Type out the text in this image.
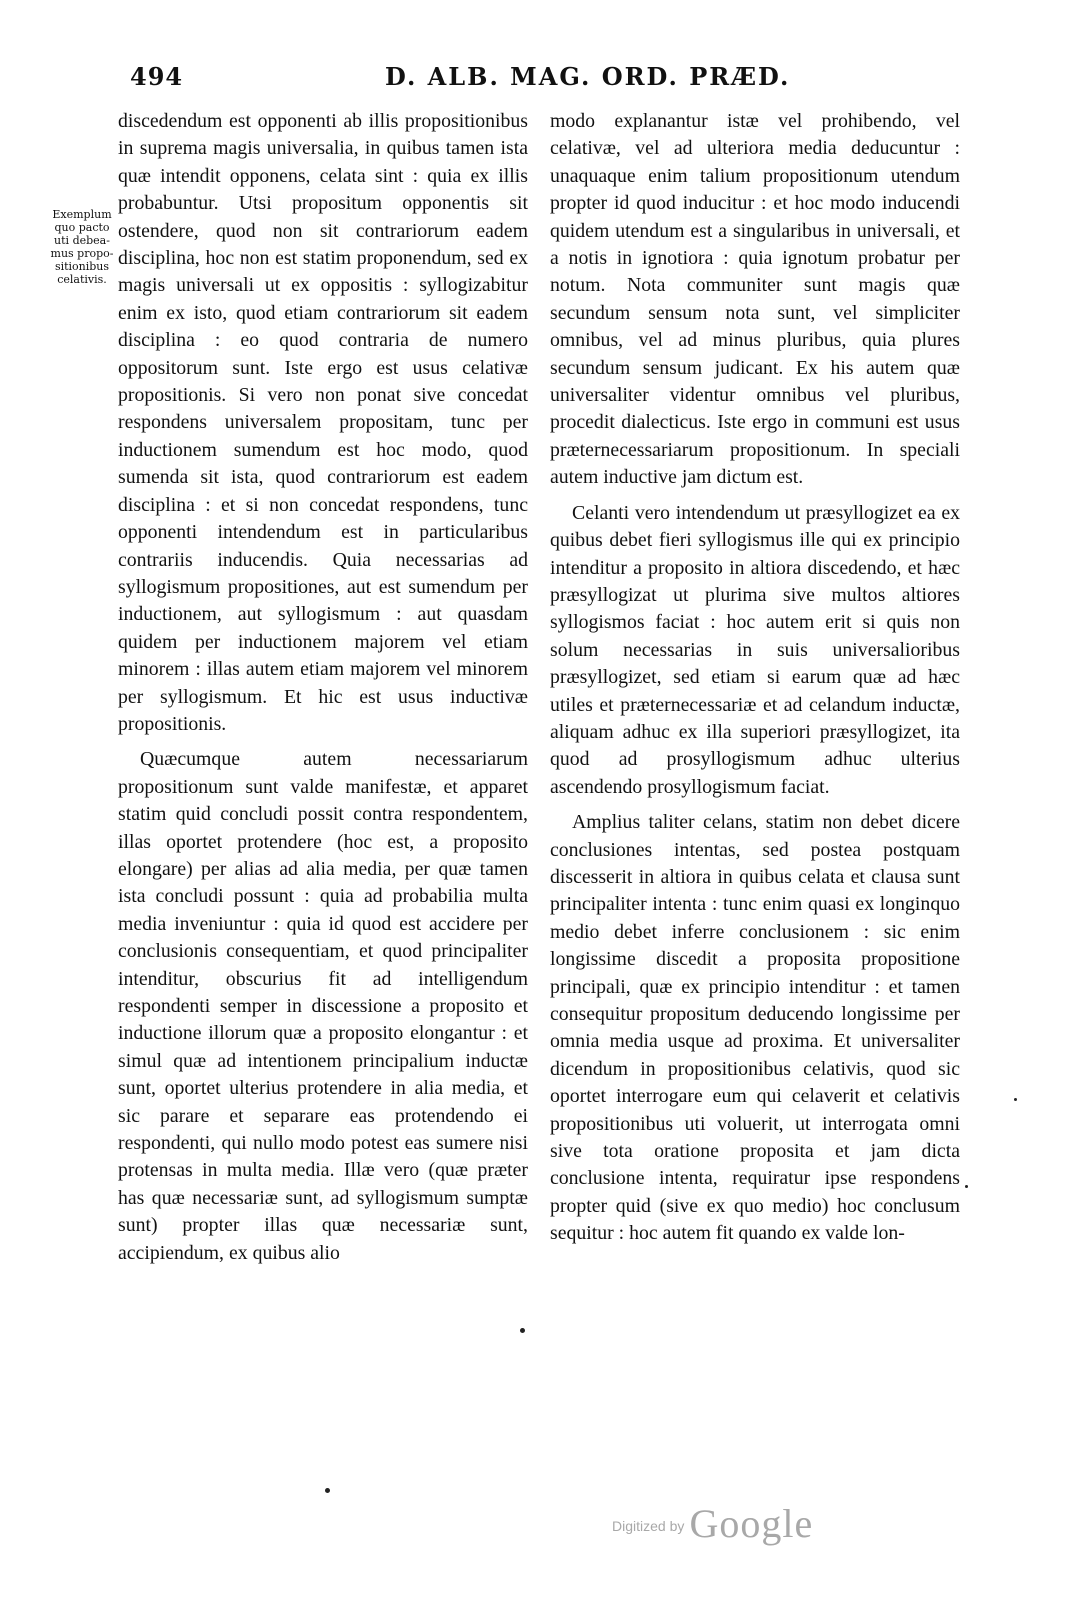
494	D. ALB. MAG. ORD. PRÆD.
Exemplum
quo pacto
uti debea-
mus propo-
sitionibus
celativis.

discedendum est opponenti ab illis propositionibus in suprema magis universalia, in quibus tamen ista quæ intendit opponens, celata sint : quia ex illis probabuntur. Utsi propositum opponentis sit ostendere, quod non sit contrariorum eadem disciplina, hoc non est statim proponendum, sed ex magis universali ut ex oppositis : syllogizabitur enim ex isto, quod etiam contrariorum sit eadem disciplina : eo quod contraria de numero oppositorum sunt. Iste ergo est usus celativæ propositionis. Si vero non ponat sive concedat respondens universalem propositam, tunc per inductionem sumendum est hoc modo, quod sumenda sit ista, quod contrariorum est eadem disciplina : et si non concedat respondens, tunc opponenti intendendum est in particularibus contrariis inducendis. Quia necessarias ad syllogismum propositiones, aut est sumendum per inductionem, aut syllogismum : aut quasdam quidem per inductionem majorem vel etiam minorem : illas autem etiam majorem vel minorem per syllogismum. Et hic est usus inductivæ propositionis.

Quæcumque autem necessariarum propositionum sunt valde manifestæ, et apparet statim quid concludi possit contra respondentem, illas oportet protendere (hoc est, a proposito elongare) per alias ad alia media, per quæ tamen ista concludi possunt : quia ad probabilia multa media inveniuntur : quia id quod est accidere per conclusionis consequentiam, et quod principaliter intenditur, obscurius fit ad intelligendum respondenti semper in discessione a proposito et inductione illorum quæ a proposito elongantur : et simul quæ ad intentionem principalium inductæ sunt, oportet ulterius protendere in alia media, et sic parare et separare eas protendendo ei respondenti, qui nullo modo potest eas sumere nisi protensas in multa media. Illæ vero (quæ præter has quæ necessariæ sunt, ad syllogismum sumptæ sunt) propter illas quæ necessariæ sunt, accipiendum, ex quibus alio

modo explanantur istæ vel prohibendo, vel celativæ, vel ad ulteriora media deducuntur : unaquaque enim talium propositionum utendum propter id quod inducitur : et hoc modo inducendi quidem utendum est a singularibus in universali, et a notis in ignotiora : quia ignotum probatur per notum. Nota communiter sunt magis quæ secundum sensum nota sunt, vel simpliciter omnibus, vel ad minus pluribus, quia plures secundum sensum judicant. Ex his autem quæ universaliter videntur omnibus vel pluribus, procedit dialecticus. Iste ergo in communi est usus præternecessariarum propositionum. In speciali autem inductive jam dictum est.

Celanti vero intendendum ut præsyllogizet ea ex quibus debet fieri syllogismus ille qui ex principio intenditur a proposito in altiora discedendo, et hæc præsyllogizat ut plurima sive multos altiores syllogismos faciat : hoc autem erit si quis non solum necessarias in suis universalioribus præsyllogizet, sed etiam si earum quæ ad hæc utiles et præternecessariæ et ad celandum inductæ, aliquam adhuc ex illa superiori præsyllogizet, ita quod ad prosyllogismum adhuc ulterius ascendendo prosyllogismum faciat.

Amplius taliter celans, statim non debet dicere conclusiones intentas, sed postea postquam discesserit in altiora in quibus celata et clausa sunt principaliter intenta : tunc enim quasi ex longinquo medio debet inferre conclusionem : sic enim longissime discedit a proposita propositione principali, quæ ex principio intenditur : et tamen consequitur propositum deducendo longissime per omnia media usque ad proxima. Et universaliter dicendum in propositionibus celativis, quod sic oportet interrogare eum qui celaverit et celativis propositionibus uti voluerit, ut interrogata omni sive tota oratione proposita et jam dicta conclusione intenta, requiratur ipse respondens propter quid (sive ex quo medio) hoc conclusum sequitur : hoc autem fit quando ex valde lon-

Digitized by Google
